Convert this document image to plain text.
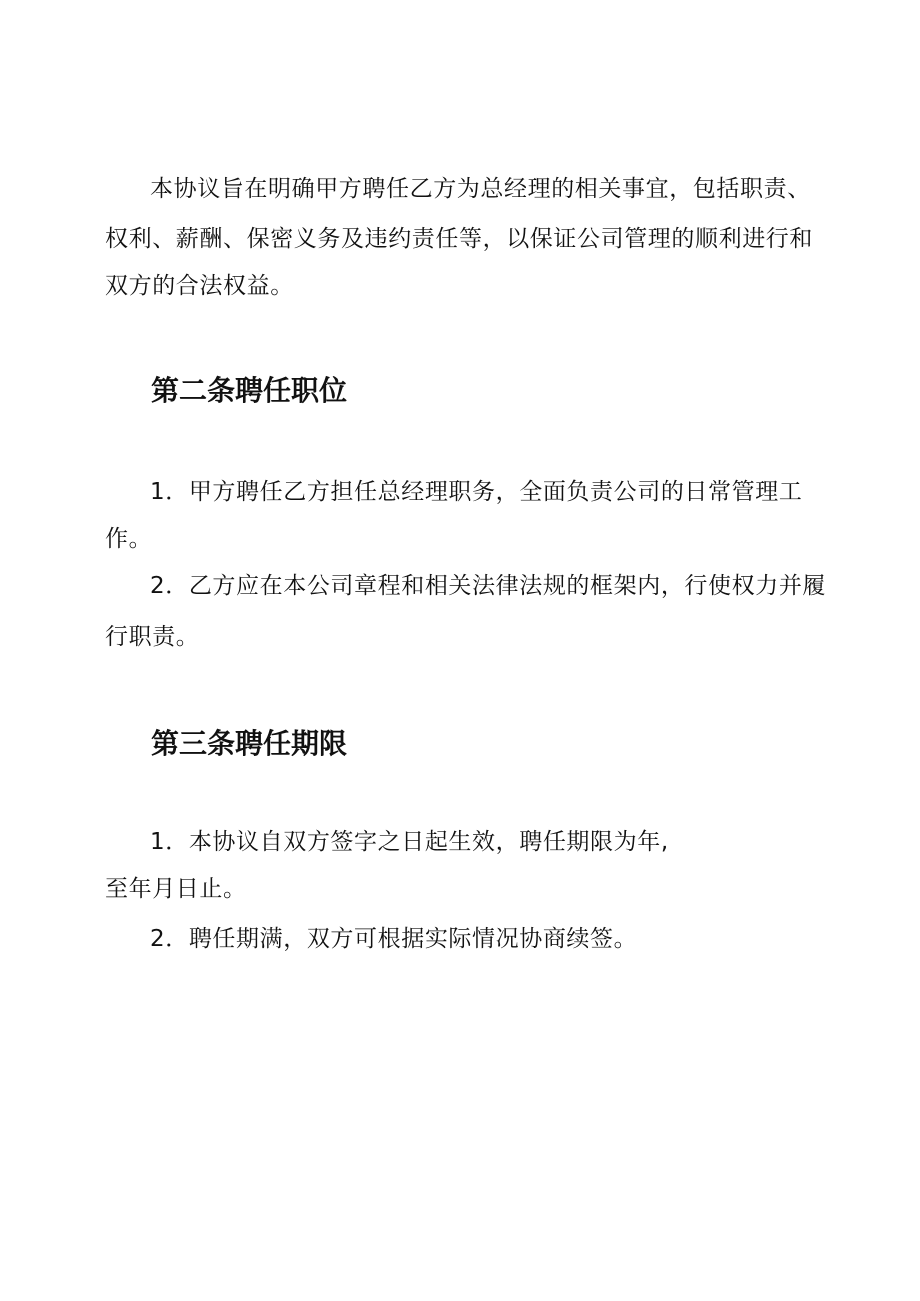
本协议旨在明确甲方聘任乙方为总经理的相关事宜，包括职责、
权利、薪酬、保密义务及违约责任等，以保证公司管理的顺利进行和
双方的合法权益。
第二条聘任职位
1．甲方聘任乙方担任总经理职务，全面负责公司的日常管理工
作。
2．乙方应在本公司章程和相关法律法规的框架内，行使权力并履
行职责。
第三条聘任期限
1．本协议自双方签字之日起生效，聘任期限为年,
至年月日止。
2．聘任期满，双方可根据实际情况协商续签。
